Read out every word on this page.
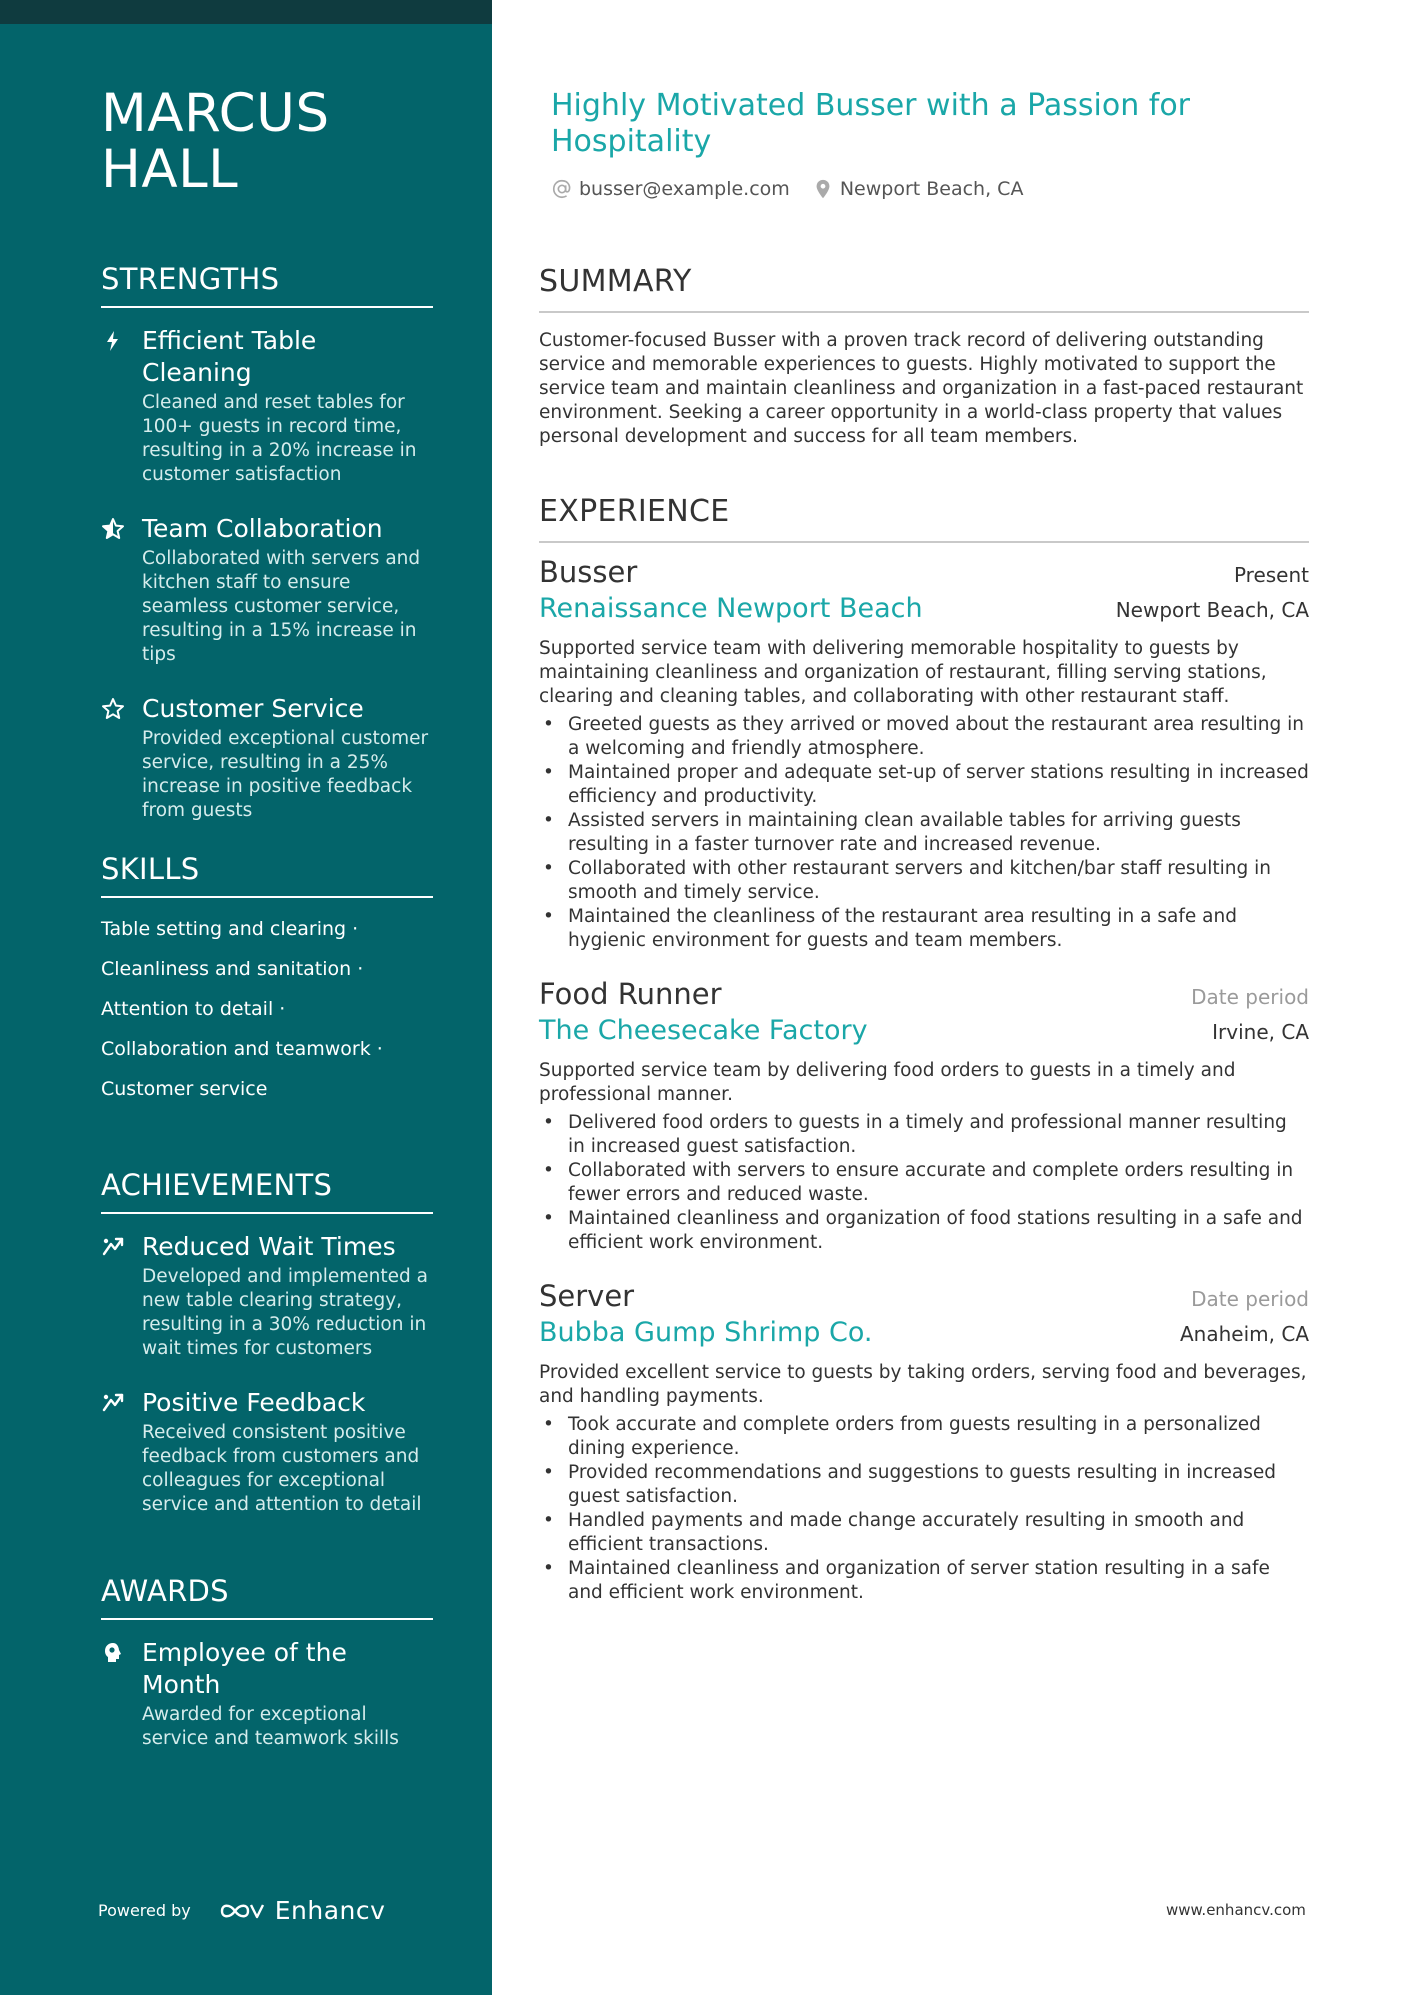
MARCUS HALL
STRENGTHS
Efficient Table Cleaning
Cleaned and reset tables for 100+ guests in record time, resulting in a 20% increase in customer satisfaction
Team Collaboration
Collaborated with servers and kitchen staff to ensure seamless customer service, resulting in a 15% increase in tips
Customer Service
Provided exceptional customer service, resulting in a 25% increase in positive feedback from guests
SKILLS
Table setting and clearing ·
Cleanliness and sanitation ·
Attention to detail ·
Collaboration and teamwork ·
Customer service
ACHIEVEMENTS
Reduced Wait Times
Developed and implemented a new table clearing strategy, resulting in a 30% reduction in wait times for customers
Positive Feedback
Received consistent positive feedback from customers and colleagues for exceptional service and attention to detail
AWARDS
Employee of the Month
Awarded for exceptional service and teamwork skills
Powered by	Enhancv
Highly Motivated Busser with a Passion for Hospitality
busser@example.com	Newport Beach, CA
SUMMARY

Customer-focused Busser with a proven track record of delivering outstanding service and memorable experiences to guests. Highly motivated to support the service team and maintain cleanliness and organization in a fast-paced restaurant environment. Seeking a career opportunity in a world-class property that values personal development and success for all team members.

EXPERIENCE
Busser	Present
Renaissance Newport Beach	Newport Beach, CA

Supported service team with delivering memorable hospitality to guests by maintaining cleanliness and organization of restaurant, filling serving stations, clearing and cleaning tables, and collaborating with other restaurant staff.

• Greeted guests as they arrived or moved about the restaurant area resulting in a welcoming and friendly atmosphere.
• Maintained proper and adequate set-up of server stations resulting in increased efficiency and productivity.
• Assisted servers in maintaining clean available tables for arriving guests resulting in a faster turnover rate and increased revenue.
• Collaborated with other restaurant servers and kitchen/bar staff resulting in smooth and timely service.
• Maintained the cleanliness of the restaurant area resulting in a safe and hygienic environment for guests and team members.
Food Runner	Date period
The Cheesecake Factory	Irvine, CA

Supported service team by delivering food orders to guests in a timely and professional manner.

• Delivered food orders to guests in a timely and professional manner resulting in increased guest satisfaction.
• Collaborated with servers to ensure accurate and complete orders resulting in fewer errors and reduced waste.
• Maintained cleanliness and organization of food stations resulting in a safe and efficient work environment.
Server	Date period
Bubba Gump Shrimp Co.	Anaheim, CA

Provided excellent service to guests by taking orders, serving food and beverages, and handling payments.

• Took accurate and complete orders from guests resulting in a personalized dining experience.
• Provided recommendations and suggestions to guests resulting in increased guest satisfaction.
• Handled payments and made change accurately resulting in smooth and efficient transactions.
• Maintained cleanliness and organization of server station resulting in a safe and efficient work environment.
www.enhancv.com
